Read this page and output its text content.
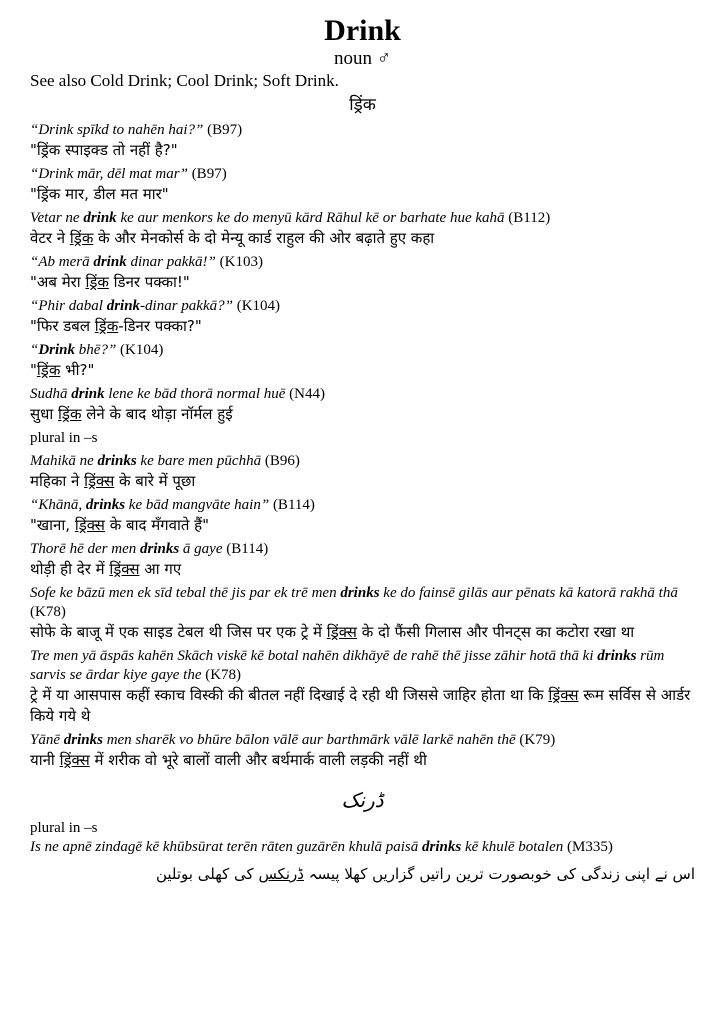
Drink
noun ♂
See also Cold Drink; Cool Drink; Soft Drink.
ड्रिंक
“Drink spīkd to nahēn hai?” (B97)
"ड्रिंक स्पाइक्ड तो नहीं है?"
“Drink mār, dēl mat mar” (B97)
"ड्रिंक मार, डील मत मार"
Vetar ne drink ke aur menkors ke do menyū kārd Rāhul kē or barhate hue kahā (B112)
वेटर ने ड्रिंक के और मेनकोर्स के दो मेन्यू कार्ड राहुल की ओर बढ़ाते हुए कहा
“Ab merā drink dinar pakkā!” (K103)
"अब मेरा ड्रिंक डिनर पक्का!"
“Phir dabal drink-dinar pakkā?” (K104)
"फिर डबल ड्रिंक-डिनर पक्का?"
“Drink bhē?” (K104)
"ड्रिंक भी?"
Sudhā drink lene ke bād thorā normal huē (N44)
सुधा ड्रिंक लेने के बाद थोड़ा नॉर्मल हुई
plural in –s
Mahikā ne drinks ke bare men pūchhā (B96)
महिका ने ड्रिंक्स के बारे में पूछा
“Khānā, drinks ke bād mangvāte hain” (B114)
"खाना, ड्रिंक्स के बाद मँगवाते हैं"
Thorē hē der men drinks ā gaye (B114)
थोड़ी ही देर में ड्रिंक्स आ गए
Sofe ke bāzū men ek sīd tebal thē jis par ek trē men drinks ke do fainsē gilās aur pēnats kā katorā rakhā thā (K78)
सोफे के बाजू में एक साइड टेबल थी जिस पर एक ट्रे में ड्रिंक्स के दो फैंसी गिलास और पीनट्स का कटोरा रखा था
Tre men yā āspās kahēn Skāch viskē kē botal nahēn dikhāyē de rahē thē jisse zāhir hotā thā ki drinks rūm sarvis se ārdar kiye gaye the (K78)
ट्रे में या आसपास कहीं स्काच विस्की की बीतल नहीं दिखाई दे रही थी जिससे जाहिर होता था कि ड्रिंक्स रूम सर्विस से आर्डर किये गये थे
Yānē drinks men sharēk vo bhūre bālon vālē aur barthmārk vālē larkē nahēn thē (K79)
यानी ड्रिंक्स में शरीक वो भूरे बालों वाली और बर्थमार्क वाली लड़की नहीं थी
ڈرنک
plural in –s
Is ne apnē zindagē kē khūbsūrat terēn rāten guzārēn khulā paisā drinks kē khulē botalen (M335)
اس نے اپنی زندگی کی خوبصورت ترین راتیں گزاریں کھلا پیسہ ڈرنکس کی کھلی بوتلین
